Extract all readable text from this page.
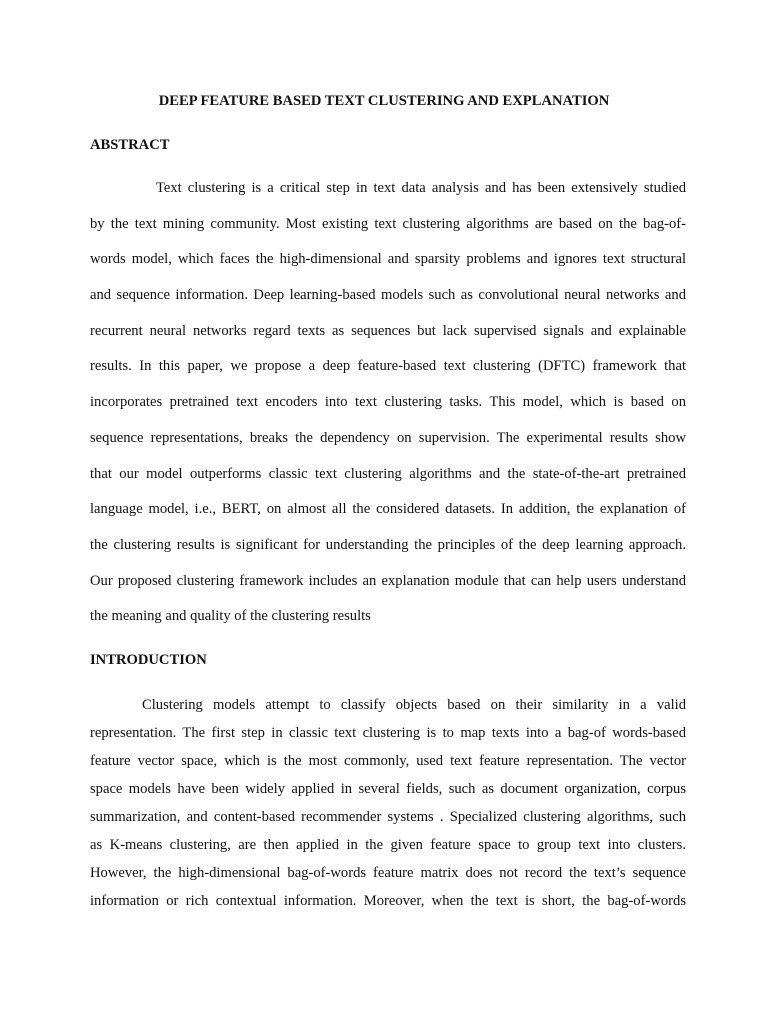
DEEP FEATURE BASED TEXT CLUSTERING AND EXPLANATION
ABSTRACT
Text clustering is a critical step in text data analysis and has been extensively studied
by the text mining community. Most existing text clustering algorithms are based on the bag-of-
words model, which faces the high-dimensional and sparsity problems and ignores text structural
and sequence information. Deep learning-based models such as convolutional neural networks and
recurrent neural networks regard texts as sequences but lack supervised signals and explainable
results. In this paper, we propose a deep feature-based text clustering (DFTC) framework that
incorporates pretrained text encoders into text clustering tasks. This model, which is based on
sequence representations, breaks the dependency on supervision. The experimental results show
that our model outperforms classic text clustering algorithms and the state-of-the-art pretrained
language model, i.e., BERT, on almost all the considered datasets. In addition, the explanation of
the clustering results is significant for understanding the principles of the deep learning approach.
Our proposed clustering framework includes an explanation module that can help users understand
the meaning and quality of the clustering results
INTRODUCTION
Clustering models attempt to classify objects based on their similarity in a valid
representation. The first step in classic text clustering is to map texts into a bag-of words-based
feature vector space, which is the most commonly, used text feature representation. The vector
space models have been widely applied in several fields, such as document organization, corpus
summarization, and content-based recommender systems . Specialized clustering algorithms, such
as K-means clustering, are then applied in the given feature space to group text into clusters.
However, the high-dimensional bag-of-words feature matrix does not record the text’s sequence
information or rich contextual information. Moreover, when the text is short, the bag-of-words
